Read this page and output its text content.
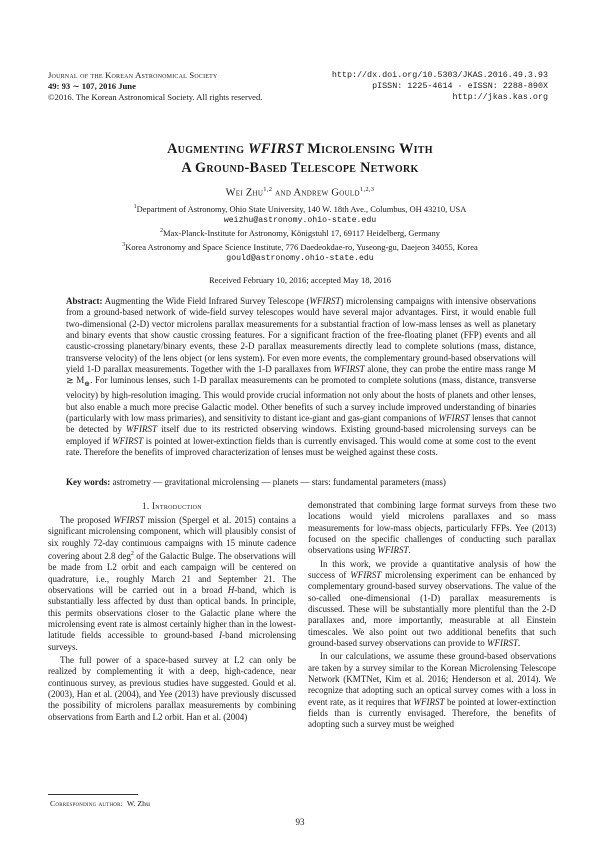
Journal of the Korean Astronomical Society
49: 93 ∼ 107, 2016 June
©2016. The Korean Astronomical Society. All rights reserved.
http://dx.doi.org/10.5303/JKAS.2016.49.3.93
pISSN: 1225-4614 · eISSN: 2288-890X
http://jkas.kas.org
Augmenting WFIRST Microlensing With
A Ground-Based Telescope Network
Wei Zhu$^{1,2}$ and Andrew Gould$^{1,2,3}$
$^1$Department of Astronomy, Ohio State University, 140 W. 18th Ave., Columbus, OH 43210, USA
weizhu@astronomy.ohio-state.edu
$^2$Max-Planck-Institute for Astronomy, Königstuhl 17, 69117 Heidelberg, Germany
$^3$Korea Astronomy and Space Science Institute, 776 Daedeokdae-ro, Yuseong-gu, Daejeon 34055, Korea
gould@astronomy.ohio-state.edu
Received February 10, 2016; accepted May 18, 2016
Abstract: Augmenting the Wide Field Infrared Survey Telescope (WFIRST) microlensing campaigns with intensive observations from a ground-based network of wide-field survey telescopes would have several major advantages. First, it would enable full two-dimensional (2-D) vector microlens parallax measurements for a substantial fraction of low-mass lenses as well as planetary and binary events that show caustic crossing features. For a significant fraction of the free-floating planet (FFP) events and all caustic-crossing planetary/binary events, these 2-D parallax measurements directly lead to complete solutions (mass, distance, transverse velocity) of the lens object (or lens system). For even more events, the complementary ground-based observations will yield 1-D parallax measurements. Together with the 1-D parallaxes from WFIRST alone, they can probe the entire mass range M ≳ $M_\oplus$. For luminous lenses, such 1-D parallax measurements can be promoted to complete solutions (mass, distance, transverse velocity) by high-resolution imaging. This would provide crucial information not only about the hosts of planets and other lenses, but also enable a much more precise Galactic model. Other benefits of such a survey include improved understanding of binaries (particularly with low mass primaries), and sensitivity to distant ice-giant and gas-giant companions of WFIRST lenses that cannot be detected by WFIRST itself due to its restricted observing windows. Existing ground-based microlensing surveys can be employed if WFIRST is pointed at lower-extinction fields than is currently envisaged. This would come at some cost to the event rate. Therefore the benefits of improved characterization of lenses must be weighed against these costs.
Key words: astrometry — gravitational microlensing — planets — stars: fundamental parameters (mass)
1. Introduction

The proposed WFIRST mission (Spergel et al. 2015) contains a significant microlensing component, which will plausibly consist of six roughly 72-day continuous campaigns with 15 minute cadence covering about 2.8 deg$^2$ of the Galactic Bulge. The observations will be made from L2 orbit and each campaign will be centered on quadrature, i.e., roughly March 21 and September 21. The observations will be carried out in a broad H-band, which is substantially less affected by dust than optical bands. In principle, this permits observations closer to the Galactic plane where the microlensing event rate is almost certainly higher than in the lowest-latitude fields accessible to ground-based I-band microlensing surveys.

The full power of a space-based survey at L2 can only be realized by complementing it with a deep, high-cadence, near continuous survey, as previous studies have suggested. Gould et al. (2003), Han et al. (2004), and Yee (2013) have previously discussed the possibility of microlens parallax measurements by combining observations from Earth and L2 orbit. Han et al. (2004)

demonstrated that combining large format surveys from these two locations would yield microlens parallaxes and so mass measurements for low-mass objects, particularly FFPs. Yee (2013) focused on the specific challenges of conducting such parallax observations using WFIRST.

In this work, we provide a quantitative analysis of how the success of WFIRST microlensing experiment can be enhanced by complementary ground-based survey observations. The value of the so-called one-dimensional (1-D) parallax measurements is discussed. These will be substantially more plentiful than the 2-D parallaxes and, more importantly, measurable at all Einstein timescales. We also point out two additional benefits that such ground-based survey observations can provide to WFIRST.

In our calculations, we assume these ground-based observations are taken by a survey similar to the Korean Microlensing Telescope Network (KMTNet, Kim et al. 2016; Henderson et al. 2014). We recognize that adopting such an optical survey comes with a loss in event rate, as it requires that WFIRST be pointed at lower-extinction fields than is currently envisaged. Therefore, the benefits of adopting such a survey must be weighed

Corresponding author: W. Zhu
93
